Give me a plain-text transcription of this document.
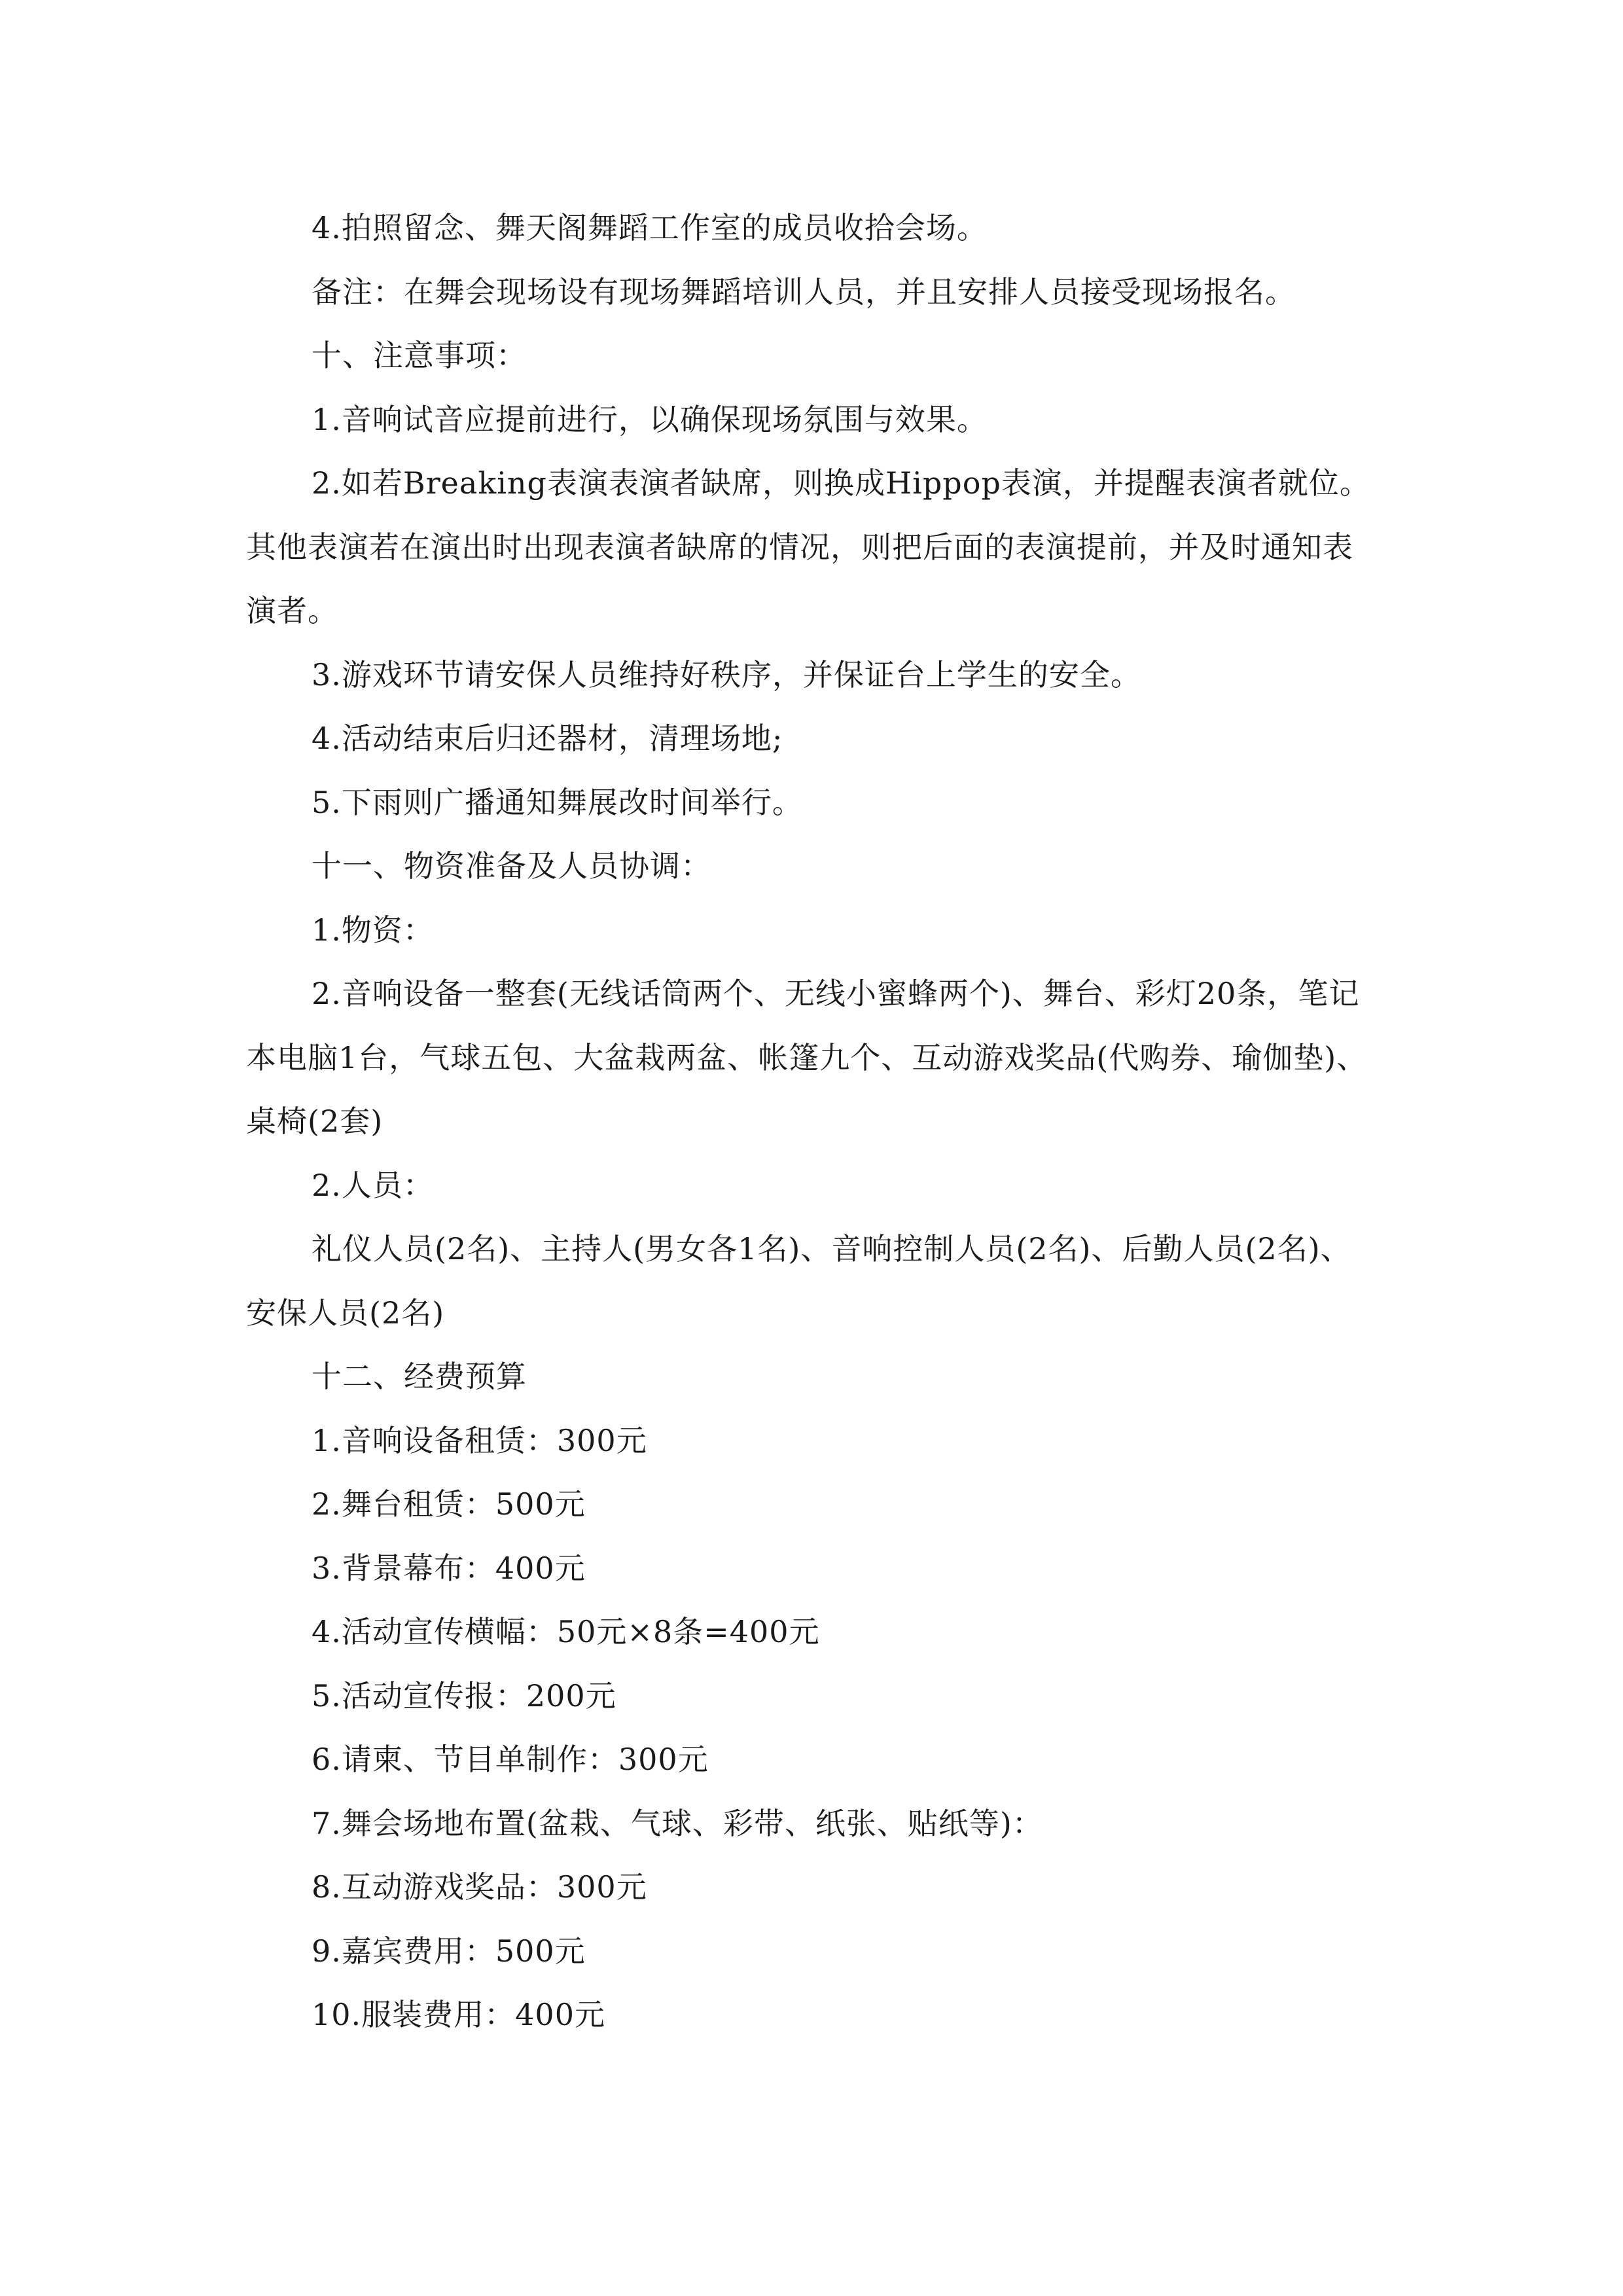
4.拍照留念、舞天阁舞蹈工作室的成员收拾会场。

备注：在舞会现场设有现场舞蹈培训人员，并且安排人员接受现场报名。

十、注意事项：

1.音响试音应提前进行，以确保现场氛围与效果。

2.如若Breaking表演表演者缺席，则换成Hippop表演，并提醒表演者就位。其他表演若在演出时出现表演者缺席的情况，则把后面的表演提前，并及时通知表演者。

3.游戏环节请安保人员维持好秩序，并保证台上学生的安全。

4.活动结束后归还器材，清理场地;

5.下雨则广播通知舞展改时间举行。

十一、物资准备及人员协调：

1.物资：

2.音响设备一整套(无线话筒两个、无线小蜜蜂两个)、舞台、彩灯20条，笔记本电脑1台，气球五包、大盆栽两盆、帐篷九个、互动游戏奖品(代购券、瑜伽垫)、桌椅(2套)

2.人员：

礼仪人员(2名)、主持人(男女各1名)、音响控制人员(2名)、后勤人员(2名)、安保人员(2名)

十二、经费预算

1.音响设备租赁：300元

2.舞台租赁：500元

3.背景幕布：400元

4.活动宣传横幅：50元×8条=400元

5.活动宣传报：200元

6.请柬、节目单制作：300元

7.舞会场地布置(盆栽、气球、彩带、纸张、贴纸等)：

8.互动游戏奖品：300元

9.嘉宾费用：500元

10.服装费用：400元
